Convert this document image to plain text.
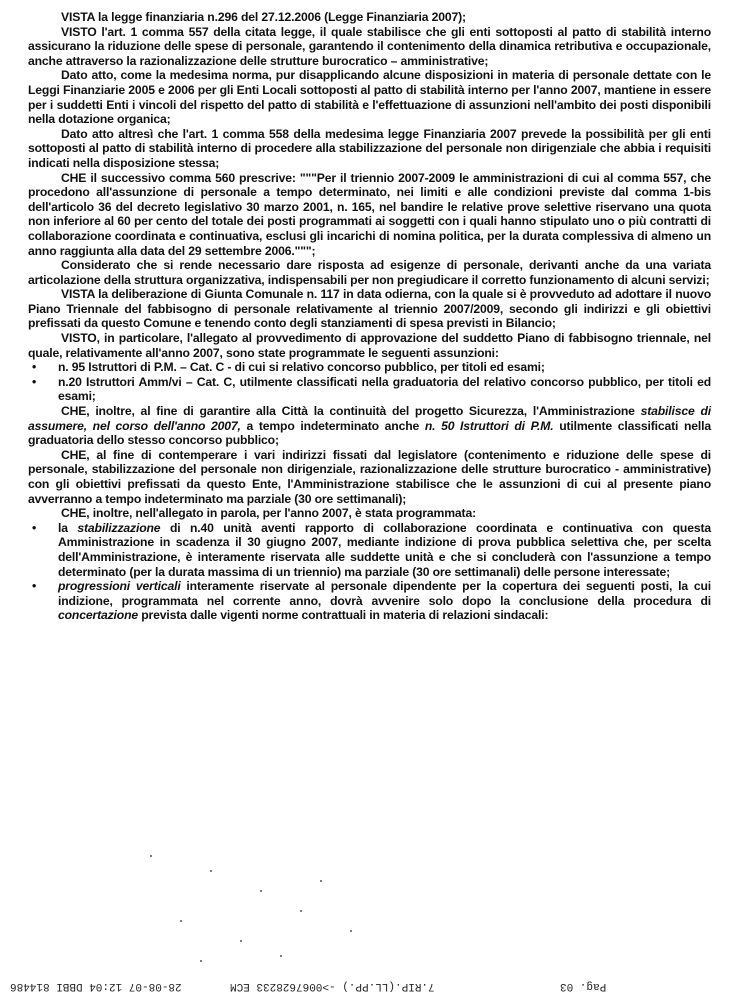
VISTA la legge finanziaria n.296 del 27.12.2006 (Legge Finanziaria 2007);

VISTO l'art. 1 comma 557 della citata legge, il quale stabilisce che gli enti sottoposti al patto di stabilità interno assicurano la riduzione delle spese di personale, garantendo il contenimento della dinamica retributiva e occupazionale, anche attraverso la razionalizzazione delle strutture burocratico – amministrative;

Dato atto, come la medesima norma, pur disapplicando alcune disposizioni in materia di personale dettate con le Leggi Finanziarie 2005 e 2006 per gli Enti Locali sottoposti al patto di stabilità interno per l'anno 2007, mantiene in essere per i suddetti Enti i vincoli del rispetto del patto di stabilità e l'effettuazione di assunzioni nell'ambito dei posti disponibili nella dotazione organica;

Dato atto altresì che l'art. 1 comma 558 della medesima legge Finanziaria 2007 prevede la possibilità per gli enti sottoposti al patto di stabilità interno di procedere alla stabilizzazione del personale non dirigenziale che abbia i requisiti indicati nella disposizione stessa;

CHE il successivo comma 560 prescrive: """Per il triennio 2007-2009 le amministrazioni di cui al comma 557, che procedono all'assunzione di personale a tempo determinato, nei limiti e alle condizioni previste dal comma 1-bis dell'articolo 36 del decreto legislativo 30 marzo 2001, n. 165, nel bandire le relative prove selettive riservano una quota non inferiore al 60 per cento del totale dei posti programmati ai soggetti con i quali hanno stipulato uno o più contratti di collaborazione coordinata e continuativa, esclusi gli incarichi di nomina politica, per la durata complessiva di almeno un anno raggiunta alla data del 29 settembre 2006.""";

Considerato che si rende necessario dare risposta ad esigenze di personale, derivanti anche da una variata articolazione della struttura organizzativa, indispensabili per non pregiudicare il corretto funzionamento di alcuni servizi;

VISTA la deliberazione di Giunta Comunale n. 117 in data odierna, con la quale si è provveduto ad adottare il nuovo Piano Triennale del fabbisogno di personale relativamente al triennio 2007/2009, secondo gli indirizzi e gli obiettivi prefissati da questo Comune e tenendo conto degli stanziamenti di spesa previsti in Bilancio;

VISTO, in particolare, l'allegato al provvedimento di approvazione del suddetto Piano di fabbisogno triennale, nel quale, relativamente all'anno 2007, sono state programmate le seguenti assunzioni:

• n. 95 Istruttori di P.M. – Cat. C - di cui si relativo concorso pubblico, per titoli ed esami;
• n.20 Istruttori Amm/vi – Cat. C, utilmente classificati nella graduatoria del relativo concorso pubblico, per titoli ed esami;

CHE, inoltre, al fine di garantire alla Città la continuità del progetto Sicurezza, l'Amministrazione stabilisce di assumere, nel corso dell'anno 2007, a tempo indeterminato anche n. 50 Istruttori di P.M. utilmente classificati nella graduatoria dello stesso concorso pubblico;

CHE, al fine di contemperare i vari indirizzi fissati dal legislatore (contenimento e riduzione delle spese di personale, stabilizzazione del personale non dirigenziale, razionalizzazione delle strutture burocratico - amministrative) con gli obiettivi prefissati da questo Ente, l'Amministrazione stabilisce che le assunzioni di cui al presente piano avverranno a tempo indeterminato ma parziale (30 ore settimanali);

CHE, inoltre, nell'allegato in parola, per l'anno 2007, è stata programmata:

• la stabilizzazione di n.40 unità aventi rapporto di collaborazione coordinata e continuativa con questa Amministrazione in scadenza il 30 giugno 2007, mediante indizione di prova pubblica selettiva che, per scelta dell'Amministrazione, è interamente riservata alle suddette unità e che si concluderà con l'assunzione a tempo determinato (per la durata massima di un triennio) ma parziale (30 ore settimanali) delle persone interessate;
• progressioni verticali interamente riservate al personale dipendente per la copertura dei seguenti posti, la cui indizione, programmata nel corrente anno, dovrà avvenire solo dopo la conclusione della procedura di concertazione prevista dalle vigenti norme contrattuali in materia di relazioni sindacali:
Pag. 03
7.RIP.(LL.PP.) ->0067628233 ECM
28-08-07 12:04 DBBI 814486
